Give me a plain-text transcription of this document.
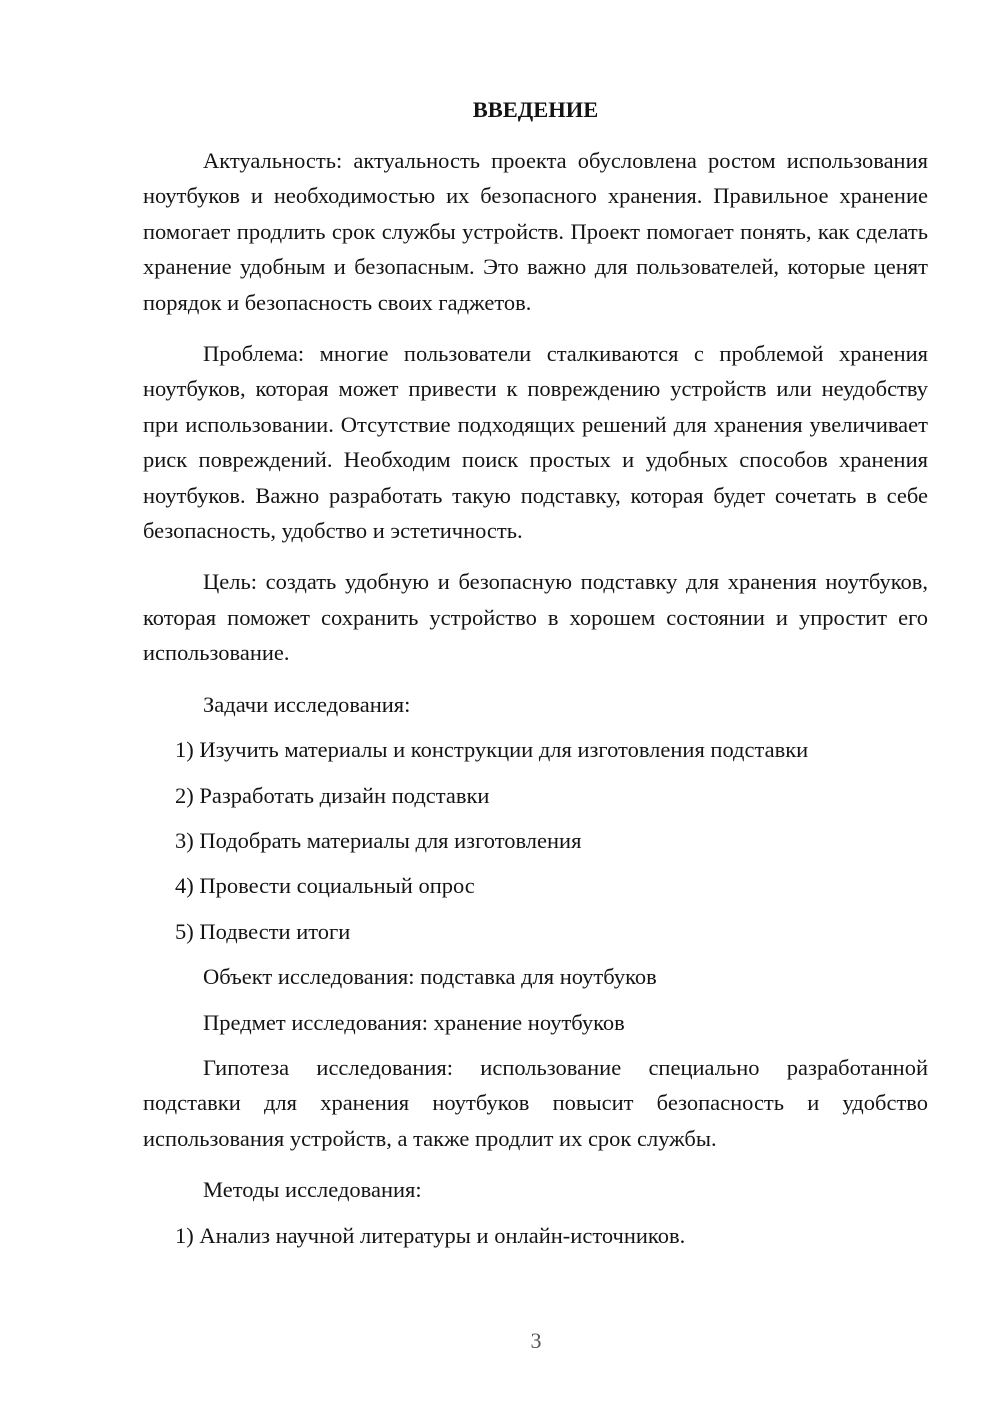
ВВЕДЕНИЕ

Актуальность: актуальность проекта обусловлена ростом использования ноутбуков и необходимостью их безопасного хранения. Правильное хранение помогает продлить срок службы устройств. Проект помогает понять, как сделать хранение удобным и безопасным. Это важно для пользователей, которые ценят порядок и безопасность своих гаджетов.

Проблема: многие пользователи сталкиваются с проблемой хранения ноутбуков, которая может привести к повреждению устройств или неудобству при использовании. Отсутствие подходящих решений для хранения увеличивает риск повреждений. Необходим поиск простых и удобных способов хранения ноутбуков. Важно разработать такую подставку, которая будет сочетать в себе безопасность, удобство и эстетичность.

Цель: создать удобную и безопасную подставку для хранения ноутбуков, которая поможет сохранить устройство в хорошем состоянии и упростит его использование.

Задачи исследования:

1) Изучить материалы и конструкции для изготовления подставки
2) Разработать дизайн подставки
3) Подобрать материалы для изготовления
4) Провести социальный опрос
5) Подвести итоги

Объект исследования: подставка для ноутбуков

Предмет исследования: хранение ноутбуков

Гипотеза исследования: использование специально разработанной подставки для хранения ноутбуков повысит безопасность и удобство использования устройств, а также продлит их срок службы.

Методы исследования:

1) Анализ научной литературы и онлайн-источников.
3
